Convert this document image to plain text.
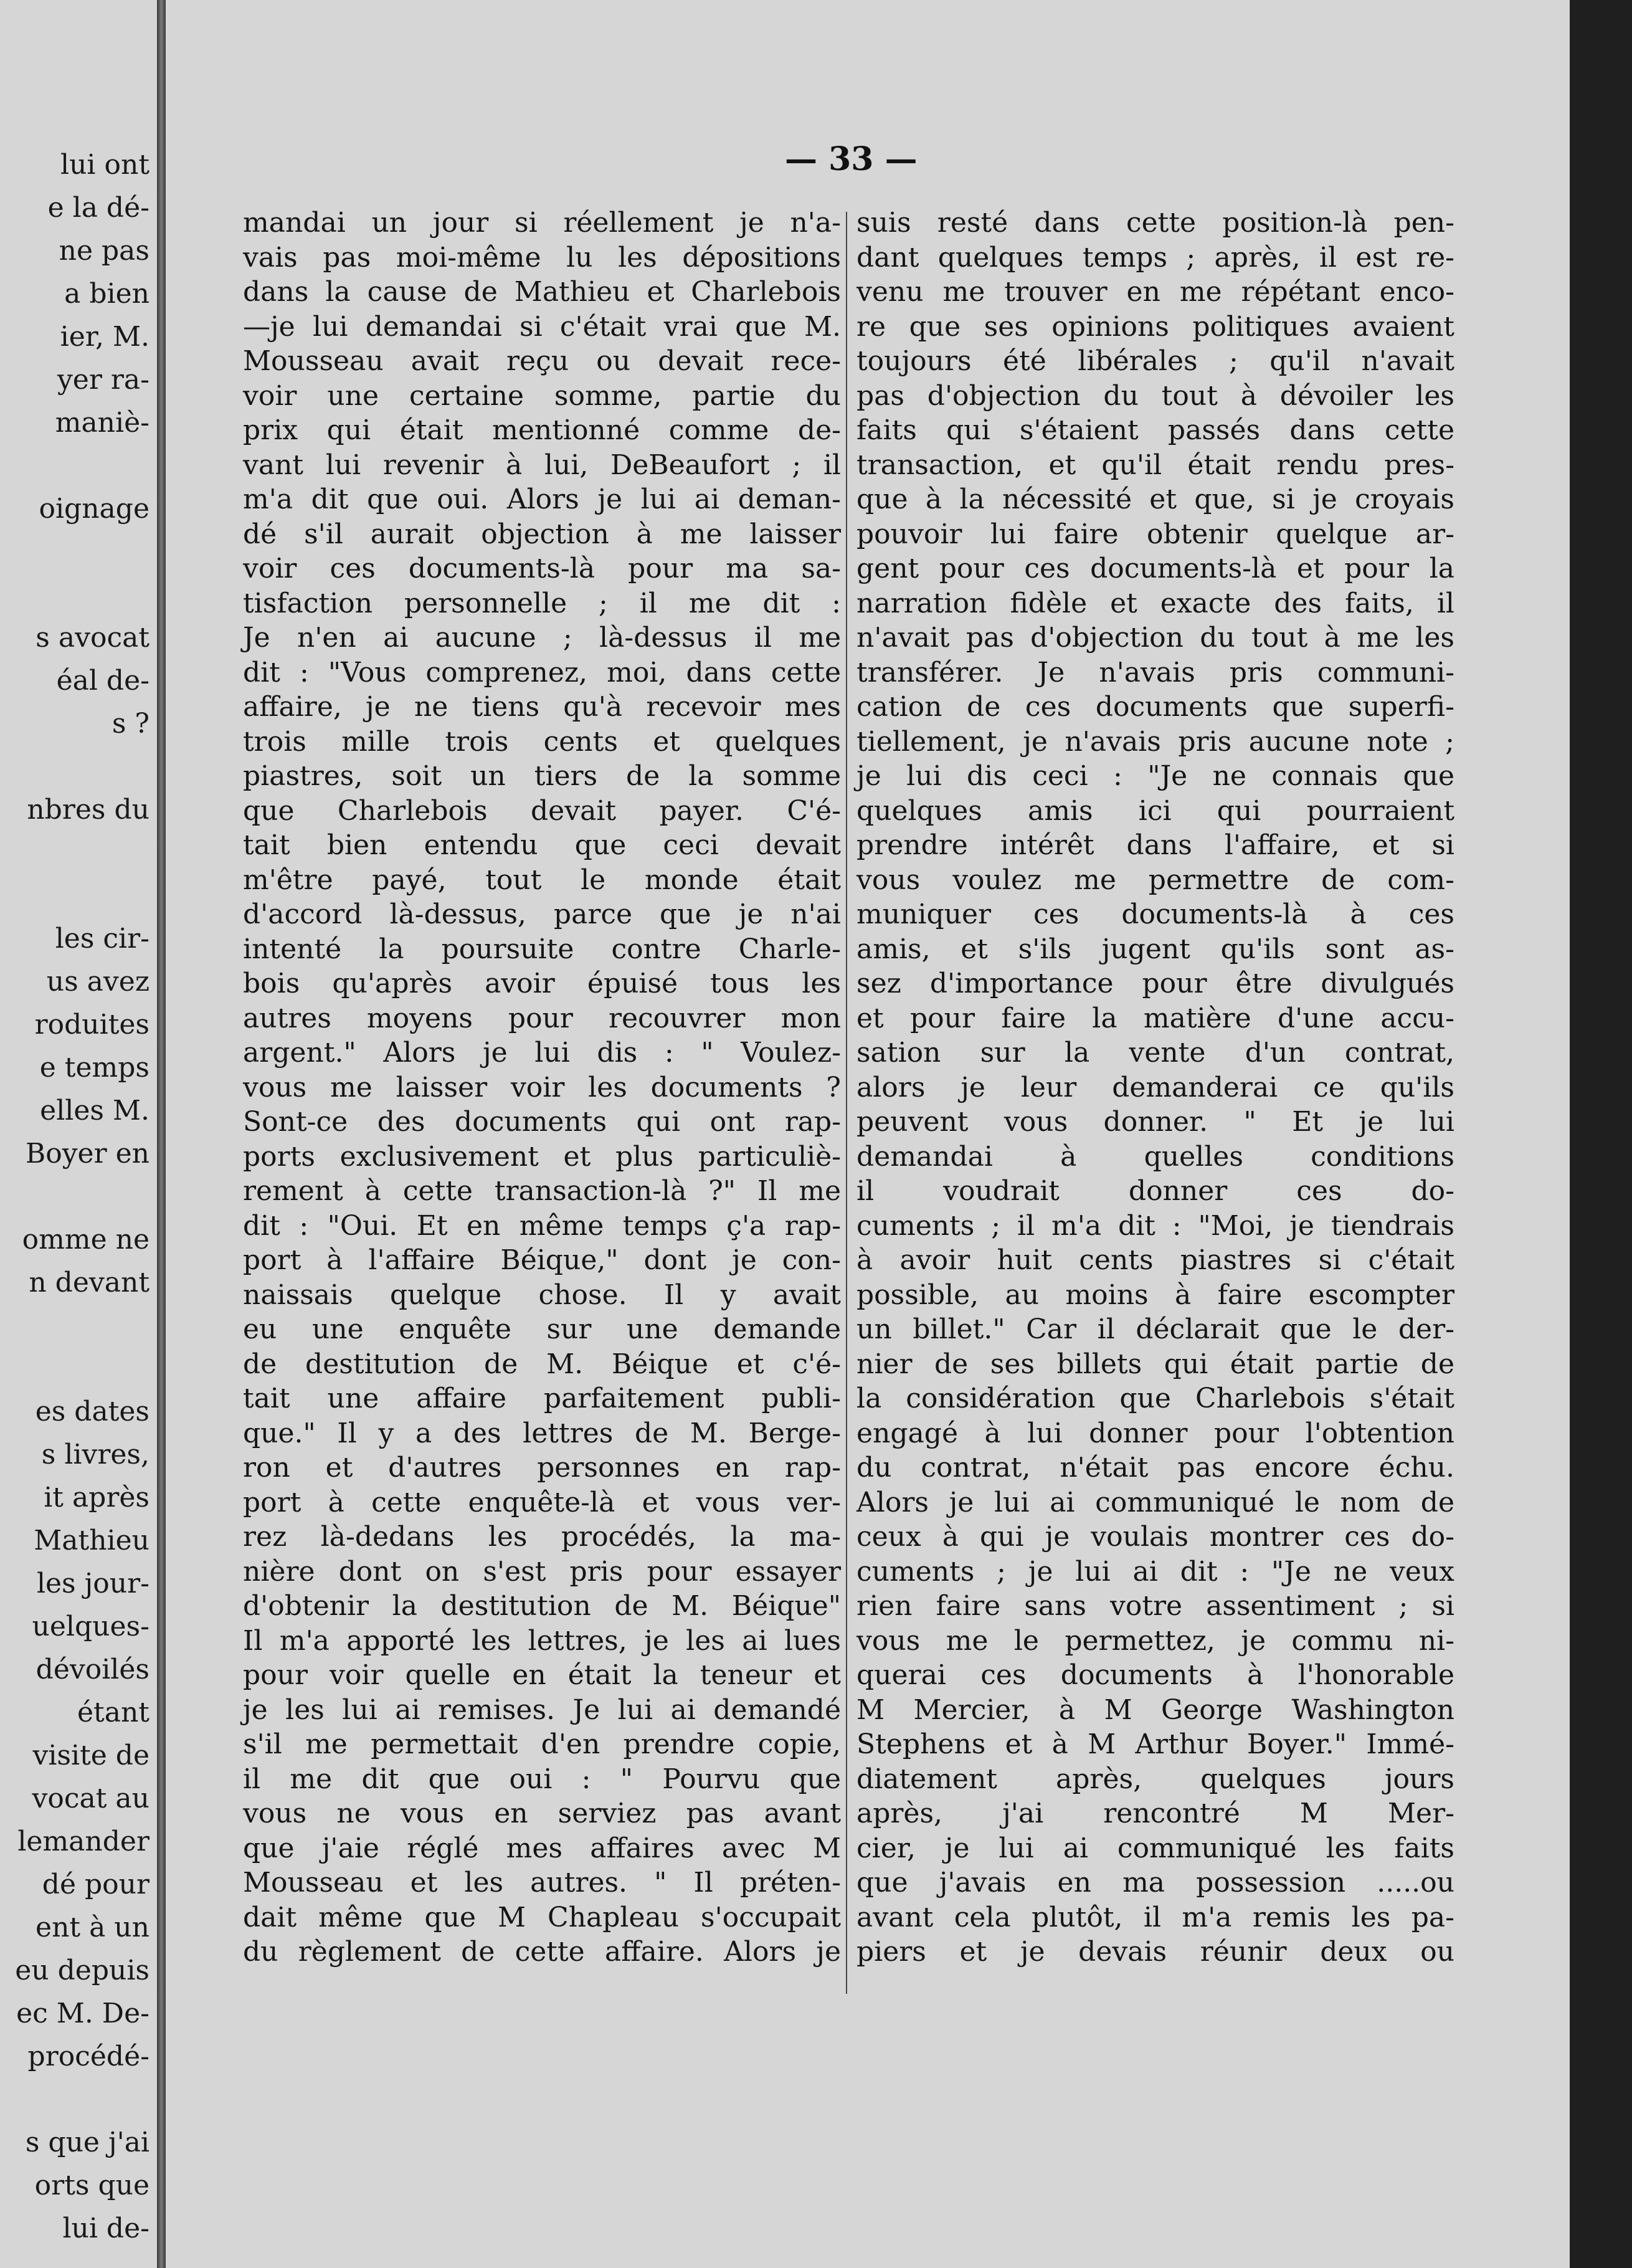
lui ont
e la dé-
ne pas
a bien
ier, M.
yer ra-
maniè-

oignage

s avocat
éal de-
s ?

nbres du

les cir-
us avez
roduites
e temps
elles M.
Boyer en

omme ne
n devant

es dates
s livres,
it après
Mathieu
les jour-
uelques-
dévoilés
étant
visite de
vocat au
lemander
dé pour
ent à un
eu depuis
ec M. De-
procédé-

s que j'ai
orts que
lui de-
— 33 —
mandai un jour si réellement je n'a-
vais pas moi-même lu les dépositions
dans la cause de Mathieu et Charlebois
—je lui demandai si c'était vrai que M.
Mousseau avait reçu ou devait rece-
voir une certaine somme, partie du
prix qui était mentionné comme de-
vant lui revenir à lui, DeBeaufort ; il
m'a dit que oui. Alors je lui ai deman-
dé s'il aurait objection à me laisser
voir ces documents-là pour ma sa-
tisfaction personnelle ; il me dit :
Je n'en ai aucune ; là-dessus il me
dit : "Vous comprenez, moi, dans cette
affaire, je ne tiens qu'à recevoir mes
trois mille trois cents et quelques
piastres, soit un tiers de la somme
que Charlebois devait payer. C'é-
tait bien entendu que ceci devait
m'être payé, tout le monde était
d'accord là-dessus, parce que je n'ai
intenté la poursuite contre Charle-
bois qu'après avoir épuisé tous les
autres moyens pour recouvrer mon
argent." Alors je lui dis : " Voulez-
vous me laisser voir les documents ?
Sont-ce des documents qui ont rap-
ports exclusivement et plus particuliè-
rement à cette transaction-là ?" Il me
dit : "Oui. Et en même temps ç'a rap-
port à l'affaire Béique," dont je con-
naissais quelque chose. Il y avait
eu une enquête sur une demande
de destitution de M. Béique et c'é-
tait une affaire parfaitement publi-
que." Il y a des lettres de M. Berge-
ron et d'autres personnes en rap-
port à cette enquête-là et vous ver-
rez là-dedans les procédés, la ma-
nière dont on s'est pris pour essayer
d'obtenir la destitution de M. Béique"
Il m'a apporté les lettres, je les ai lues
pour voir quelle en était la teneur et
je les lui ai remises. Je lui ai demandé
s'il me permettait d'en prendre copie,
il me dit que oui : " Pourvu que
vous ne vous en serviez pas avant
que j'aie réglé mes affaires avec M
Mousseau et les autres. " Il préten-
dait même que M Chapleau s'occupait
du règlement de cette affaire. Alors je
suis resté dans cette position-là pen-
dant quelques temps ; après, il est re-
venu me trouver en me répétant enco-
re que ses opinions politiques avaient
toujours été libérales ; qu'il n'avait
pas d'objection du tout à dévoiler les
faits qui s'étaient passés dans cette
transaction, et qu'il était rendu pres-
que à la nécessité et que, si je croyais
pouvoir lui faire obtenir quelque ar-
gent pour ces documents-là et pour la
narration fidèle et exacte des faits, il
n'avait pas d'objection du tout à me les
transférer. Je n'avais pris communi-
cation de ces documents que superfi-
tiellement, je n'avais pris aucune note ;
je lui dis ceci : "Je ne connais que
quelques amis ici qui pourraient
prendre intérêt dans l'affaire, et si
vous voulez me permettre de com-
muniquer ces documents-là à ces
amis, et s'ils jugent qu'ils sont as-
sez d'importance pour être divulgués
et pour faire la matière d'une accu-
sation sur la vente d'un contrat,
alors je leur demanderai ce qu'ils
peuvent vous donner. " Et je lui
demandai à quelles conditions
il voudrait donner ces do-
cuments ; il m'a dit : "Moi, je tiendrais
à avoir huit cents piastres si c'était
possible, au moins à faire escompter
un billet." Car il déclarait que le der-
nier de ses billets qui était partie de
la considération que Charlebois s'était
engagé à lui donner pour l'obtention
du contrat, n'était pas encore échu.
Alors je lui ai communiqué le nom de
ceux à qui je voulais montrer ces do-
cuments ; je lui ai dit : "Je ne veux
rien faire sans votre assentiment ; si
vous me le permettez, je commu ni-
querai ces documents à l'honorable
M Mercier, à M George Washington
Stephens et à M Arthur Boyer." Immé-
diatement après, quelques jours
après, j'ai rencontré M Mer-
cier, je lui ai communiqué les faits
que j'avais en ma possession .....ou
avant cela plutôt, il m'a remis les pa-
piers et je devais réunir deux ou
